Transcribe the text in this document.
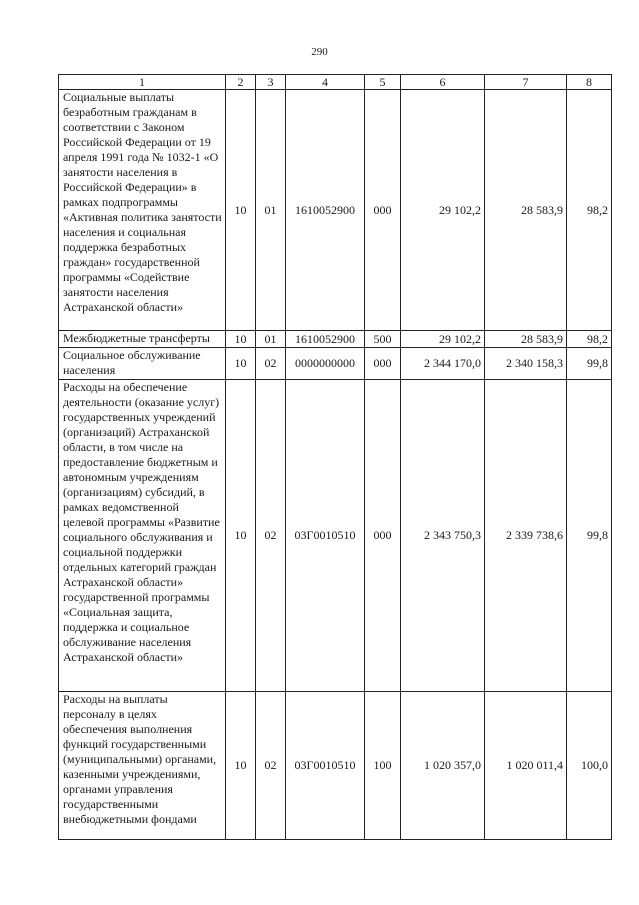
290
1	2	3	4	5	6	7	8
Социальные выплаты безработным гражданам в соответствии с Законом Российской Федерации от 19 апреля 1991 года № 1032-1 «О занятости населения в Российской Федерации» в рамках подпрограммы «Активная политика занятости населения и социальная поддержка безработных граждан» государственной программы «Содействие занятости населения Астраханской области»	10	01	1610052900	000	29 102,2	28 583,9	98,2
Межбюджетные трансферты	10	01	1610052900	500	29 102,2	28 583,9	98,2
Социальное обслуживание населения	10	02	0000000000	000	2 344 170,0	2 340 158,3	99,8
Расходы на обеспечение деятельности (оказание услуг) государственных учреждений (организаций) Астраханской области, в том числе на предоставление бюджетным и автономным учреждениям (организациям) субсидий, в рамках ведомственной целевой программы «Развитие социального обслуживания и социальной поддержки отдельных категорий граждан Астраханской области» государственной программы «Социальная защита, поддержка и социальное обслуживание населения Астраханской области»	10	02	03Г0010510	000	2 343 750,3	2 339 738,6	99,8
Расходы на выплаты персоналу в целях обеспечения выполнения функций государственными (муниципальными) органами, казенными учреждениями, органами управления государственными внебюджетными фондами	10	02	03Г0010510	100	1 020 357,0	1 020 011,4	100,0
